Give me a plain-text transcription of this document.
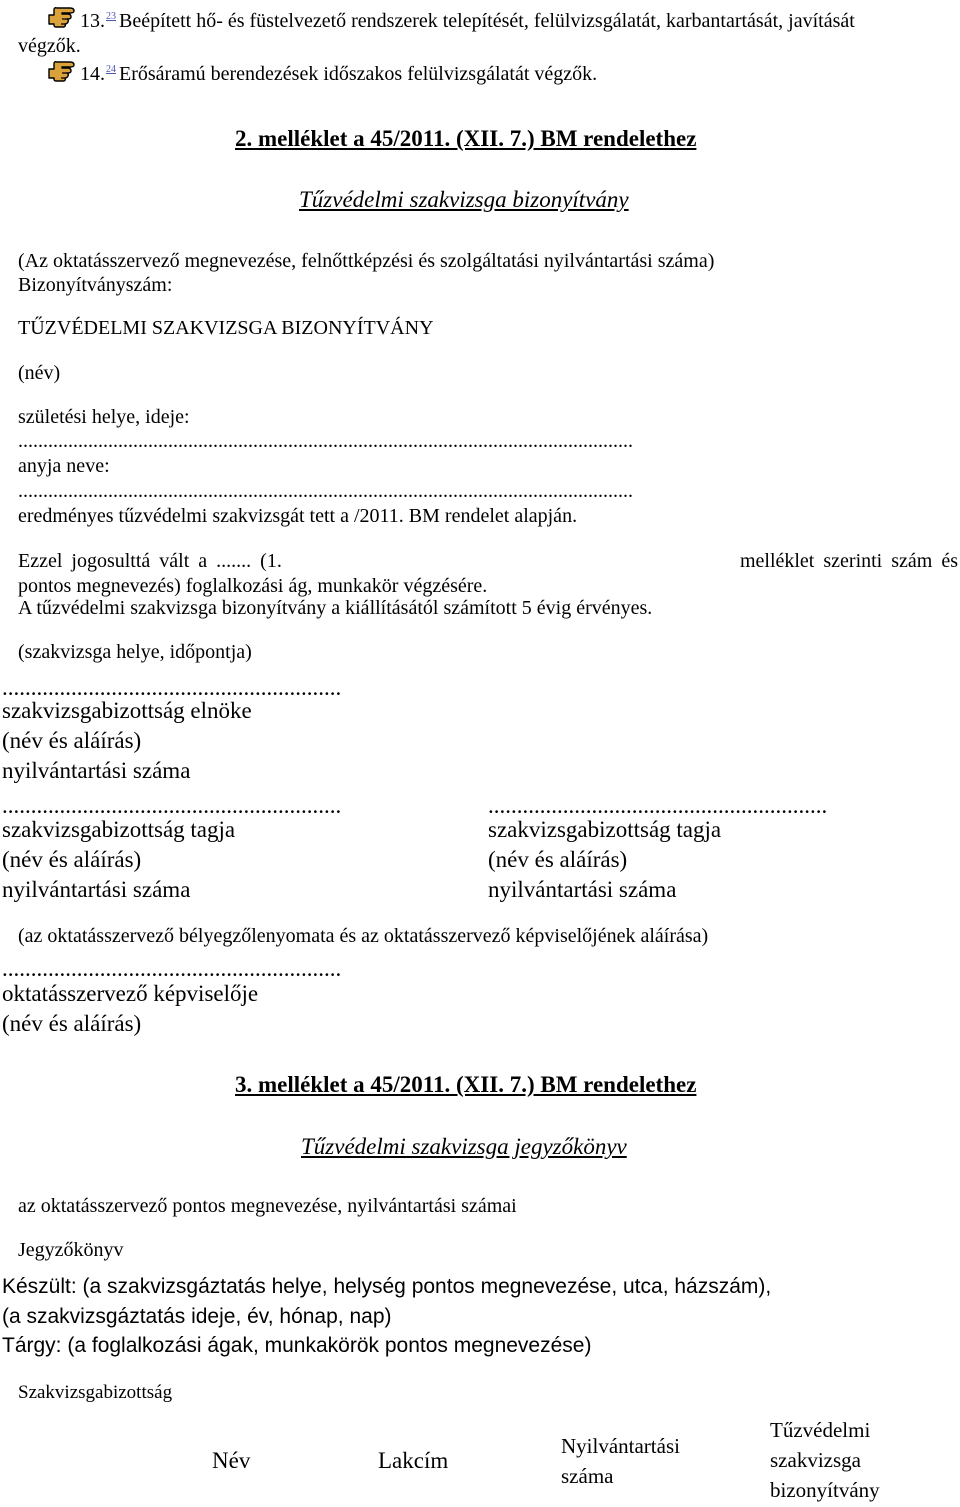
13.23 Beépített hő- és füstelvezető rendszerek telepítését, felülvizsgálatát, karbantartását, javítását
végzők.
14.24 Erősáramú berendezések időszakos felülvizsgálatát végzők.
2. melléklet a 45/2011. (XII. 7.) BM rendelethez
Tűzvédelmi szakvizsga bizonyítvány
(Az oktatásszervező megnevezése, felnőttképzési és szolgáltatási nyilvántartási száma)
Bizonyítványszám:
TŰZVÉDELMI SZAKVIZSGA BIZONYÍTVÁNY
(név)
születési helye, ideje:
...........................................................................................................................
anyja neve:
...........................................................................................................................
eredményes tűzvédelmi szakvizsgát tett a /2011. BM rendelet alapján.
Ezzel jogosulttá vált a ....... (1.	melléklet szerinti szám és
pontos megnevezés) foglalkozási ág, munkakör végzésére.
A tűzvédelmi szakvizsga bizonyítvány a kiállításától számított 5 évig érvényes.
(szakvizsga helye, időpontja)
...........................................................
szakvizsgabizottság elnöke
(név és aláírás)
nyilvántartási száma
...........................................................
szakvizsgabizottság tagja
(név és aláírás)
nyilvántartási száma
...........................................................
szakvizsgabizottság tagja
(név és aláírás)
nyilvántartási száma
(az oktatásszervező bélyegzőlenyomata és az oktatásszervező képviselőjének aláírása)
...........................................................
oktatásszervező képviselője
(név és aláírás)
3. melléklet a 45/2011. (XII. 7.) BM rendelethez
Tűzvédelmi szakvizsga jegyzőkönyv
az oktatásszervező pontos megnevezése, nyilvántartási számai
Jegyzőkönyv
Készült: (a szakvizsgáztatás helye, helység pontos megnevezése, utca, házszám),
(a szakvizsgáztatás ideje, év, hónap, nap)
Tárgy: (a foglalkozási ágak, munkakörök pontos megnevezése)
Szakvizsgabizottság
Név	Lakcím
Nyilvántartási
száma
Tűzvédelmi
szakvizsga
bizonyítvány
